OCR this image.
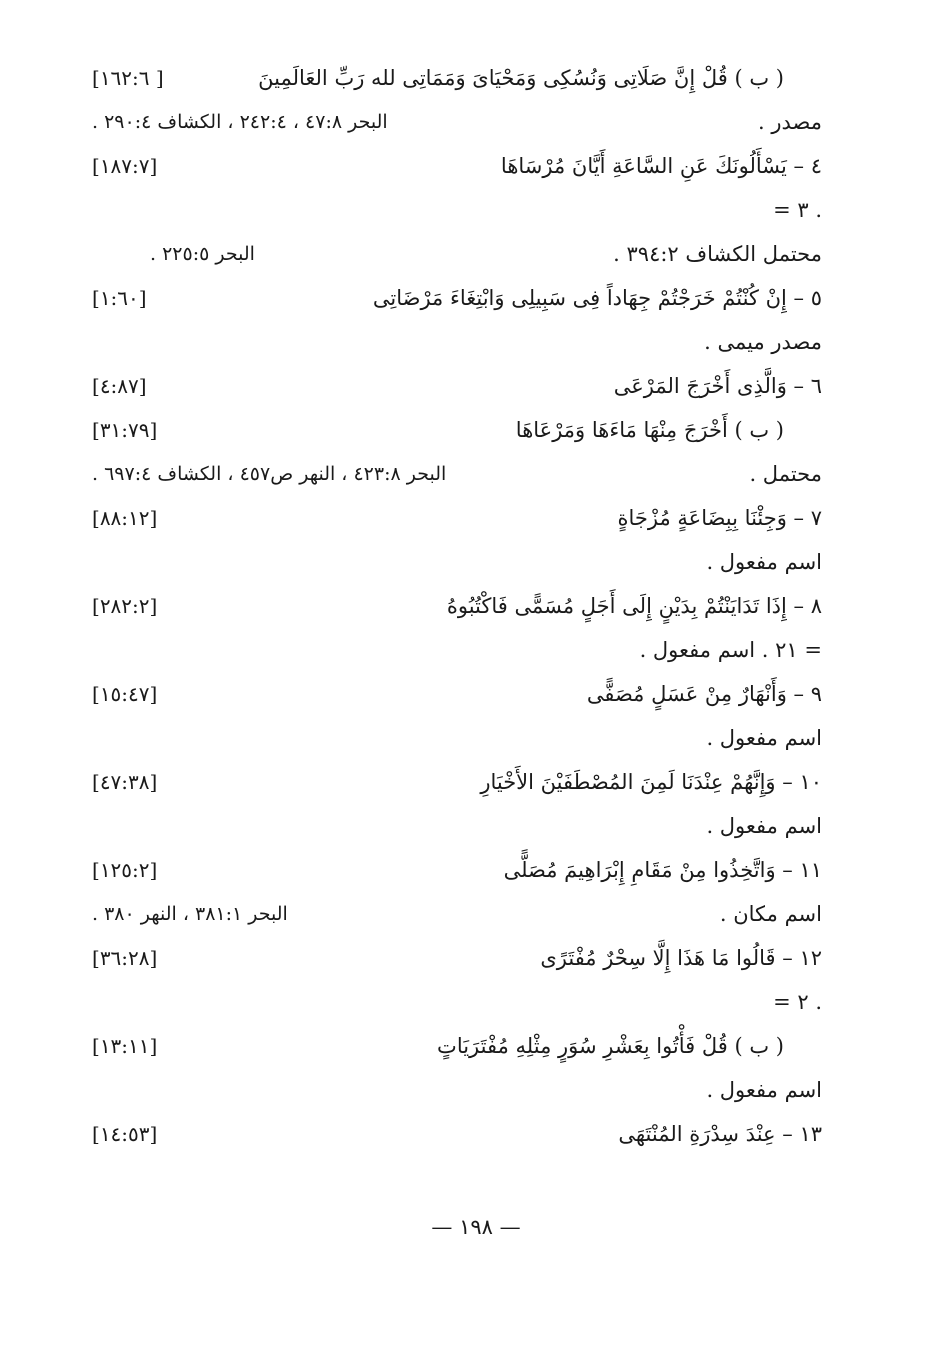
( ب ) قُلْ إِنَّ صَلَاتِى وَنُسُكِى وَمَحْيَاىَ وَمَمَاتِى لله رَبِّ العَالَمِينَ
[١٦٢:٦ ]
مصدر .
البحر ٤٧:٨ ، ٢٤٢:٤ ، الكشاف ٢٩٠:٤ .
٤ – يَسْأَلُونَكَ عَنِ السَّاعَةِ أَيَّانَ مُرْسَاهَا
[١٨٧:٧]
= ٣ .
محتمل الكشاف ٣٩٤:٢ .
البحر ٢٢٥:٥ .
٥ – إِنْ كُنْتُمْ خَرَجْتُمْ جِهَاداً فِى سَبِيلِى وَابْتِغَاءَ مَرْضَاتِى
[١:٦٠]
مصدر ميمى .
٦ – وَالَّذِى أَخْرَجَ المَرْعَى
[٤:٨٧]
( ب ) أَخْرَجَ مِنْهَا مَاءَهَا وَمَرْعَاهَا
[٣١:٧٩]
محتمل .
البحر ٤٢٣:٨ ، النهر ص٤٥٧ ، الكشاف ٦٩٧:٤ .
٧ – وَجِئْنَا بِبِضَاعَةٍ مُزْجَاةٍ
[٨٨:١٢]
اسم مفعول .
٨ – إِذَا تَدَايَنْتُمْ بِدَيْنٍ إِلَى أَجَلٍ مُسَمًّى فَاكْتُبُوهُ
[٢٨٢:٢]
= ٢١ . اسم مفعول .
٩ – وَأَنْهَارٌ مِنْ عَسَلٍ مُصَفًّى
[١٥:٤٧]
اسم مفعول .
١٠ – وَإِنَّهُمْ عِنْدَنَا لَمِنَ المُصْطَفَيْنَ الأَخْيَارِ
[٤٧:٣٨]
اسم مفعول .
١١ – وَاتَّخِذُوا مِنْ مَقَامِ إِبْرَاهِيمَ مُصَلًّى
[١٢٥:٢]
اسم مكان .
البحر ٣٨١:١ ، النهر ٣٨٠ .
١٢ – قَالُوا مَا هَذَا إِلَّا سِحْرٌ مُفْتَرًى
[٣٦:٢٨]
= ٢ .
( ب ) قُلْ فَأْتُوا بِعَشْرِ سُوَرٍ مِثْلِهِ مُفْتَرَيَاتٍ
[١٣:١١]
اسم مفعول .
١٣ – عِنْدَ سِدْرَةِ المُنْتَهَى
[١٤:٥٣]
— ١٩٨ —
